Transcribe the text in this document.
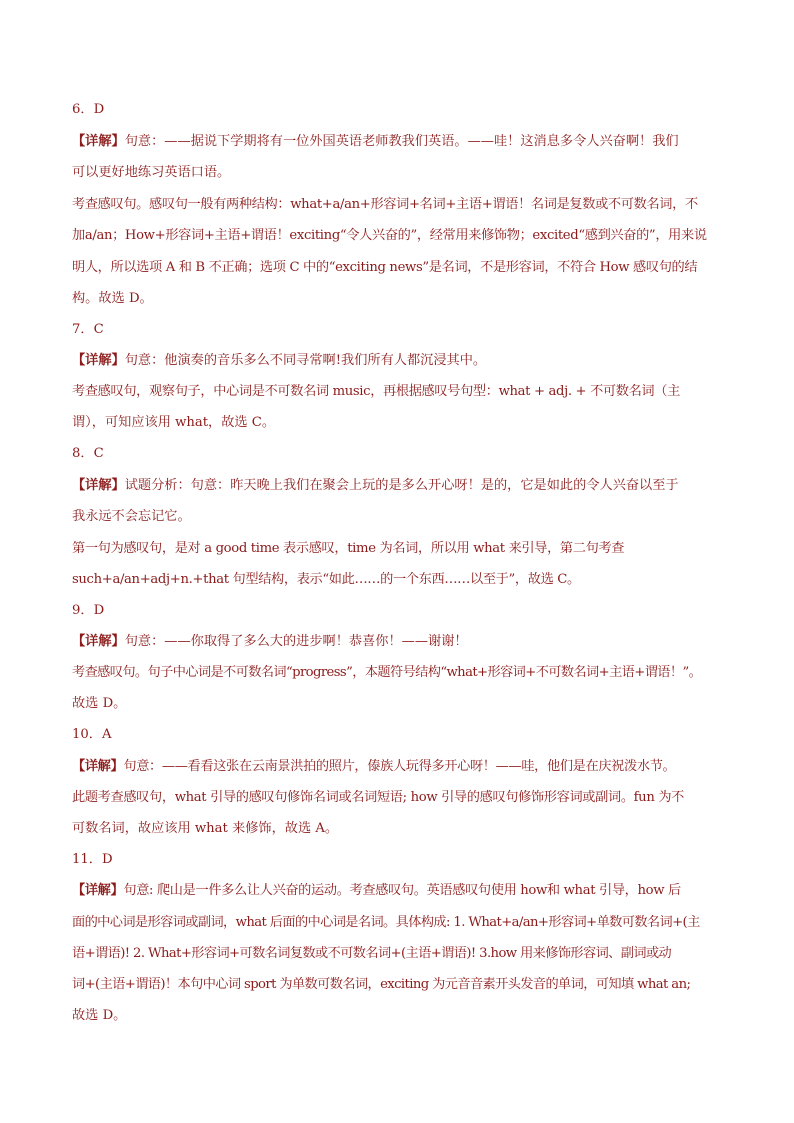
6．D
【详解】句意：——据说下学期将有一位外国英语老师教我们英语。——哇！这消息多令人兴奋啊！我们
可以更好地练习英语口语。
考查感叹句。感叹句一般有两种结构：what+a/an+形容词+名词+主语+谓语！名词是复数或不可数名词，不
加a/an；How+形容词+主语+谓语！exciting“令人兴奋的”，经常用来修饰物；excited“感到兴奋的”，用来说
明人，所以选项 A 和 B 不正确；选项 C 中的“exciting news”是名词，不是形容词，不符合 How 感叹句的结
构。故选 D。
7．C
【详解】句意：他演奏的音乐多么不同寻常啊!我们所有人都沉浸其中。
考查感叹句，观察句子，中心词是不可数名词 music，再根据感叹号句型：what + adj. + 不可数名词（主
谓），可知应该用 what，故选 C。
8．C
【详解】试题分析：句意：昨天晚上我们在聚会上玩的是多么开心呀！是的，它是如此的令人兴奋以至于
我永远不会忘记它。
第一句为感叹句，是对 a good time 表示感叹，time 为名词，所以用 what 来引导，第二句考查
such+a/an+adj+n.+that 句型结构，表示“如此……的一个东西……以至于”，故选 C。
9．D
【详解】句意：——你取得了多么大的进步啊！恭喜你！——谢谢！
考查感叹句。句子中心词是不可数名词“progress”，本题符号结构“what+形容词+不可数名词+主语+谓语！”。
故选 D。
10．A
【详解】句意：——看看这张在云南景洪拍的照片，傣族人玩得多开心呀！——哇，他们是在庆祝泼水节。
此题考查感叹句，what 引导的感叹句修饰名词或名词短语; how 引导的感叹句修饰形容词或副词。fun 为不
可数名词，故应该用 what 来修饰，故选 A。
11．D
【详解】句意: 爬山是一件多么让人兴奋的运动。考查感叹句。英语感叹句使用 how和 what 引导，how 后
面的中心词是形容词或副词，what 后面的中心词是名词。具体构成: 1. What+a/an+形容词+单数可数名词+(主
语+谓语)! 2. What+形容词+可数名词复数或不可数名词+(主语+谓语)! 3.how 用来修饰形容词、副词或动
词+(主语+谓语)！本句中心词 sport 为单数可数名词，exciting 为元音音素开头发音的单词，可知填 what an;
故选 D。
